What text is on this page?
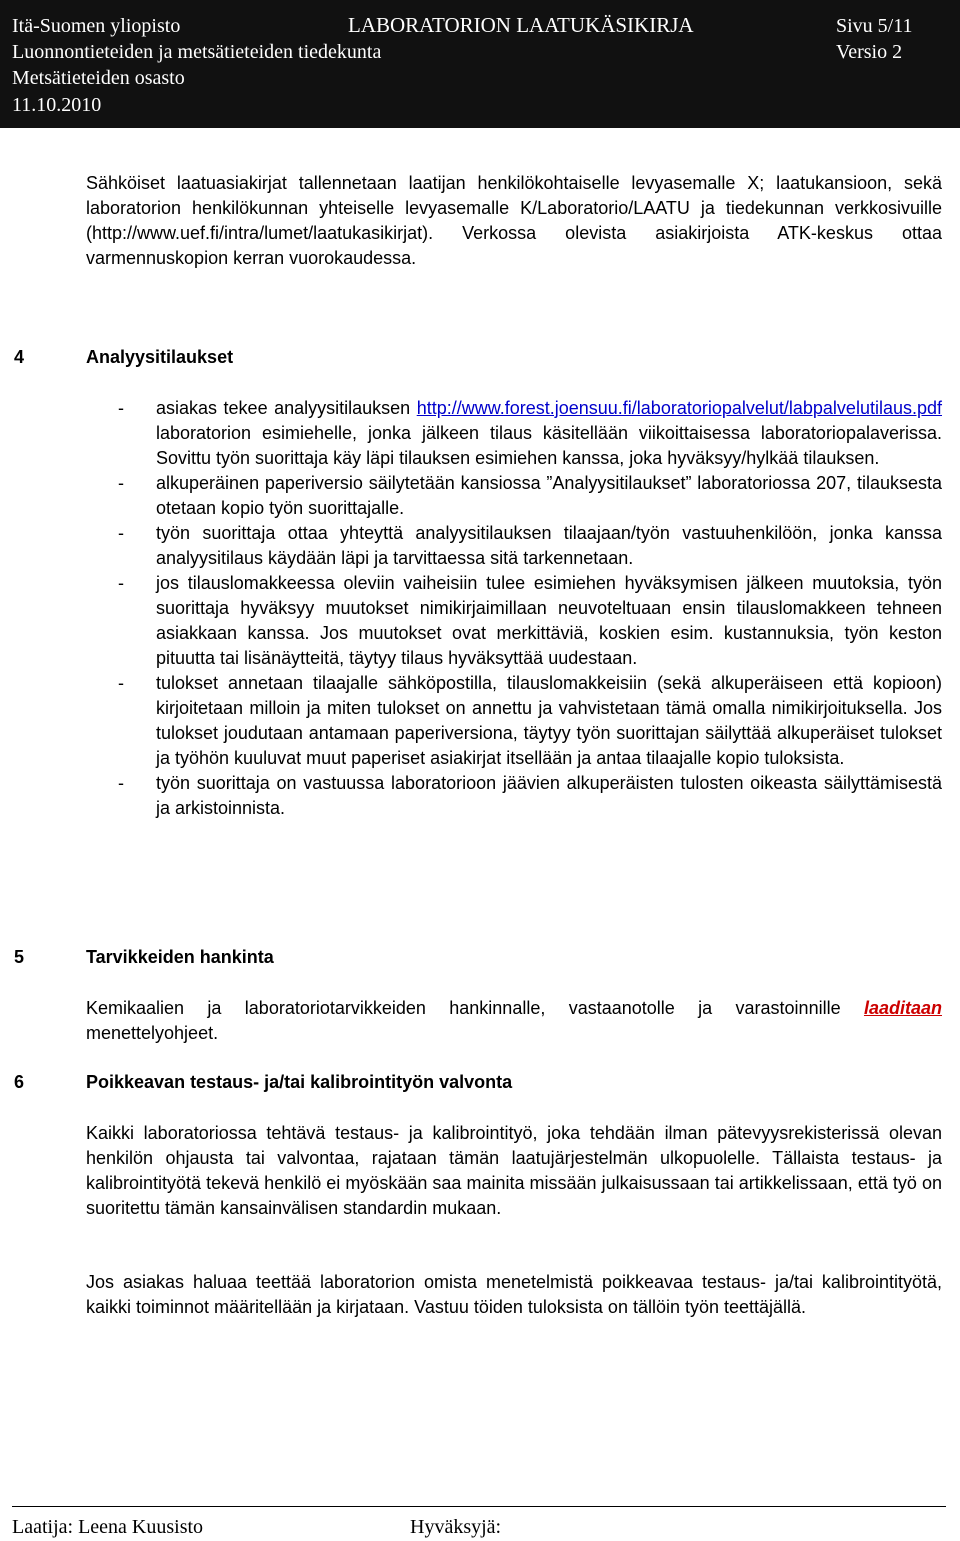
Itä-Suomen yliopisto	LABORATORION LAATUKÄSIKIRJA	Sivu 5/11
Luonnontieteiden ja metsätieteiden tiedekunta	Versio 2
Metsätieteiden osasto
11.10.2010

Sähköiset laatuasiakirjat tallennetaan laatijan henkilökohtaiselle levyasemalle X; laatukansioon, sekä laboratorion henkilökunnan yhteiselle levyasemalle K/Laboratorio/LAATU ja tiedekunnan verkkosivuille (http://www.uef.fi/intra/lumet/laatukasikirjat). Verkossa olevista asiakirjoista ATK-keskus ottaa varmennuskopion kerran vuorokaudessa.

4	Analyysitilaukset
- asiakas tekee analyysitilauksen http://www.forest.joensuu.fi/laboratoriopalvelut/labpalvelutilaus.pdf laboratorion esimiehelle, jonka jälkeen tilaus käsitellään viikoittaisessa laboratoriopalaverissa. Sovittu työn suorittaja käy läpi tilauksen esimiehen kanssa, joka hyväksyy/hylkää tilauksen.
- alkuperäinen paperiversio säilytetään kansiossa ”Analyysitilaukset” laboratoriossa 207, tilauksesta otetaan kopio työn suorittajalle.
- työn suorittaja ottaa yhteyttä analyysitilauksen tilaajaan/työn vastuuhenkilöön, jonka kanssa analyysitilaus käydään läpi ja tarvittaessa sitä tarkennetaan.
- jos tilauslomakkeessa oleviin vaiheisiin tulee esimiehen hyväksymisen jälkeen muutoksia, työn suorittaja hyväksyy muutokset nimikirjaimillaan neuvoteltuaan ensin tilauslomakkeen tehneen asiakkaan kanssa. Jos muutokset ovat merkittäviä, koskien esim. kustannuksia, työn keston pituutta tai lisänäytteitä, täytyy tilaus hyväksyttää uudestaan.
- tulokset annetaan tilaajalle sähköpostilla, tilauslomakkeisiin (sekä alkuperäiseen että kopioon) kirjoitetaan milloin ja miten tulokset on annettu ja vahvistetaan tämä omalla nimikirjoituksella. Jos tulokset joudutaan antamaan paperiversiona, täytyy työn suorittajan säilyttää alkuperäiset tulokset ja työhön kuuluvat muut paperiset asiakirjat itsellään ja antaa tilaajalle kopio tuloksista.
- työn suorittaja on vastuussa laboratorioon jäävien alkuperäisten tulosten oikeasta säilyttämisestä ja arkistoinnista.
5	Tarvikkeiden hankinta

Kemikaalien ja laboratoriotarvikkeiden hankinnalle, vastaanotolle ja varastoinnille laaditaan menettelyohjeet.

6	Poikkeavan testaus- ja/tai kalibrointityön valvonta

Kaikki laboratoriossa tehtävä testaus- ja kalibrointityö, joka tehdään ilman pätevyysrekisterissä olevan henkilön ohjausta tai valvontaa, rajataan tämän laatujärjestelmän ulkopuolelle. Tällaista testaus- ja kalibrointityötä tekevä henkilö ei myöskään saa mainita missään julkaisussaan tai artikkelissaan, että työ on suoritettu tämän kansainvälisen standardin mukaan.

Jos asiakas haluaa teettää laboratorion omista menetelmistä poikkeavaa testaus- ja/tai kalibrointityötä, kaikki toiminnot määritellään ja kirjataan. Vastuu töiden tuloksista on tällöin työn teettäjällä.

Laatija: Leena Kuusisto	Hyväksyjä:
